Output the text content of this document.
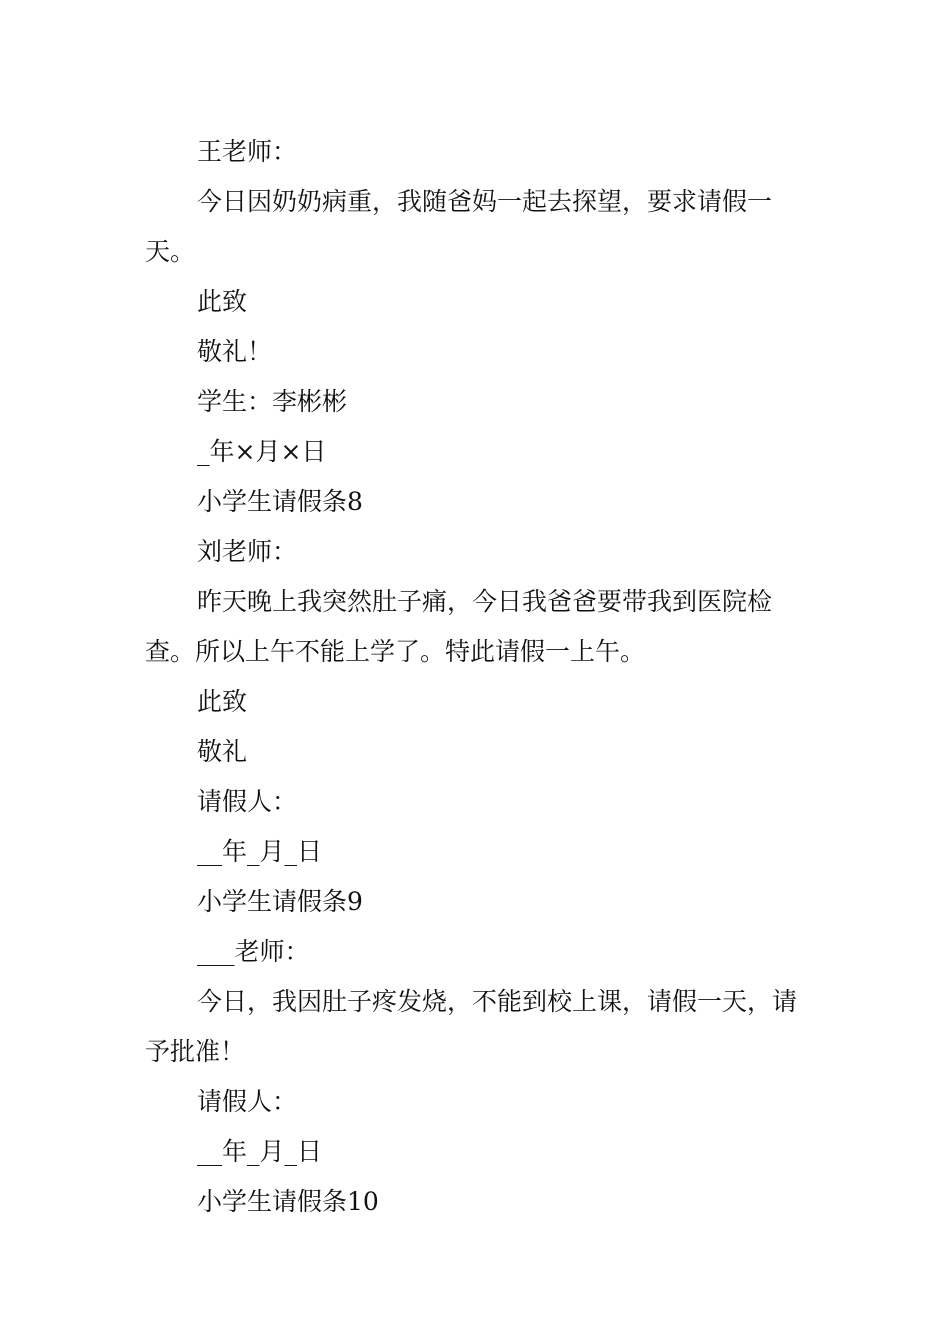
王老师：

今日因奶奶病重，我随爸妈一起去探望，要求请假一天。

此致

敬礼！

学生：李彬彬

_年×月×日

小学生请假条8

刘老师：

昨天晚上我突然肚子痛，今日我爸爸要带我到医院检查。所以上午不能上学了。特此请假一上午。

此致

敬礼

请假人：

__年_月_日

小学生请假条9

___老师：

今日，我因肚子疼发烧，不能到校上课，请假一天，请予批准！

请假人：

__年_月_日

小学生请假条10
